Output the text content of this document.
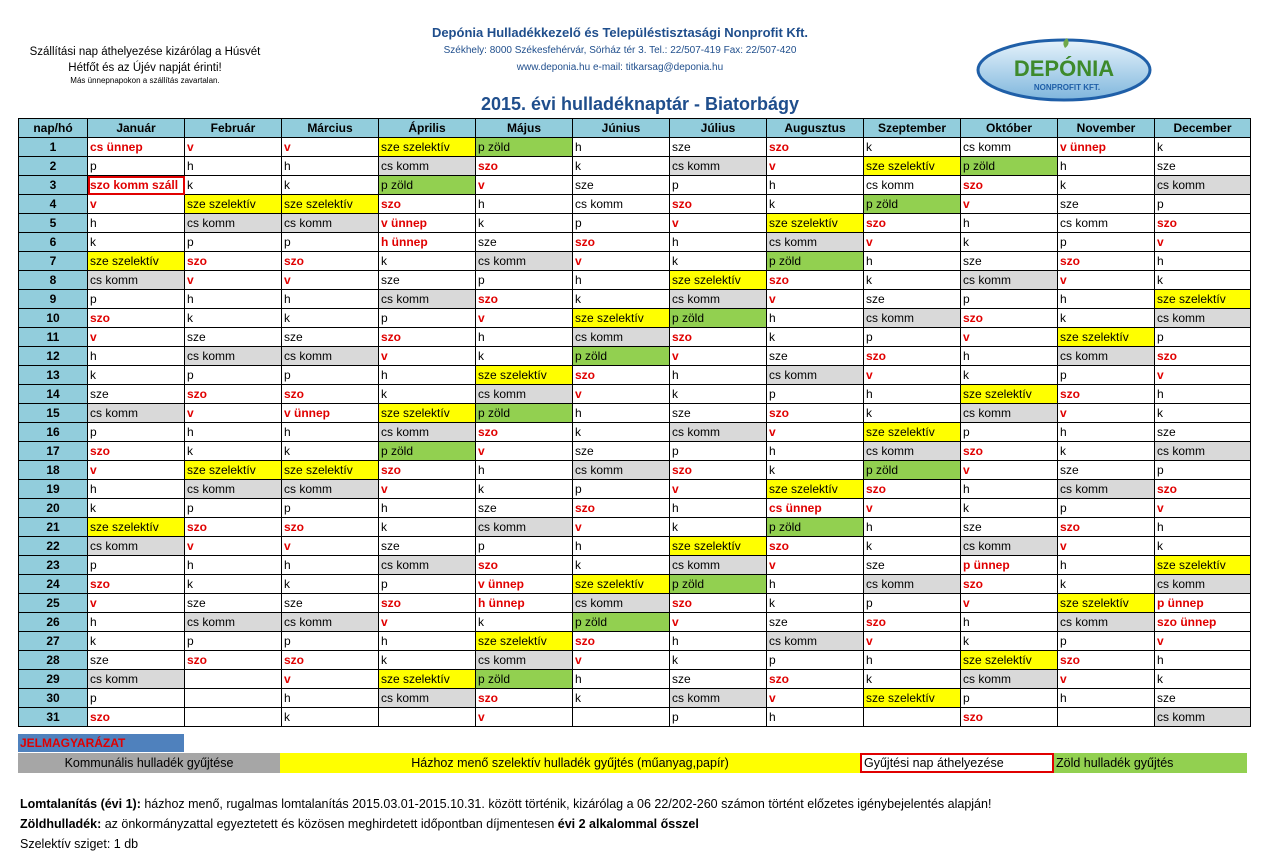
Szállítási nap áthelyezése kizárólag a Húsvét
Hétfőt és az Újév napját érinti!
Más ünnepnapokon a szállítás zavartalan.
Depónia Hulladékkezelő és Településtisztasági Nonprofit Kft.
Székhely: 8000 Székesfehérvár, Sörház tér 3. Tel.: 22/507-419 Fax: 22/507-420
www.deponia.hu e-mail: titkarsag@deponia.hu	DEPÓNIA
NONPROFIT KFT.
2015. évi hulladéknaptár - Biatorbágy
nap/hó	Január	Február	Március	Április	Május	Június	Július	Augusztus	Szeptember	Október	November	December
1	cs ünnep	v	v	sze szelektív	p zöld	h	sze	szo	k	cs komm	v ünnep	k
2	p	h	h	cs komm	szo	k	cs komm	v	sze szelektív	p zöld	h	sze
3	szo komm száll	k	k	p zöld	v	sze	p	h	cs komm	szo	k	cs komm
4	v	sze szelektív	sze szelektív	szo	h	cs komm	szo	k	p zöld	v	sze	p
5	h	cs komm	cs komm	v ünnep	k	p	v	sze szelektív	szo	h	cs komm	szo
6	k	p	p	h ünnep	sze	szo	h	cs komm	v	k	p	v
7	sze szelektív	szo	szo	k	cs komm	v	k	p zöld	h	sze	szo	h
8	cs komm	v	v	sze	p	h	sze szelektív	szo	k	cs komm	v	k
9	p	h	h	cs komm	szo	k	cs komm	v	sze	p	h	sze szelektív
10	szo	k	k	p	v	sze szelektív	p zöld	h	cs komm	szo	k	cs komm
11	v	sze	sze	szo	h	cs komm	szo	k	p	v	sze szelektív	p
12	h	cs komm	cs komm	v	k	p zöld	v	sze	szo	h	cs komm	szo
13	k	p	p	h	sze szelektív	szo	h	cs komm	v	k	p	v
14	sze	szo	szo	k	cs komm	v	k	p	h	sze szelektív	szo	h
15	cs komm	v	v ünnep	sze szelektív	p zöld	h	sze	szo	k	cs komm	v	k
16	p	h	h	cs komm	szo	k	cs komm	v	sze szelektív	p	h	sze
17	szo	k	k	p zöld	v	sze	p	h	cs komm	szo	k	cs komm
18	v	sze szelektív	sze szelektív	szo	h	cs komm	szo	k	p zöld	v	sze	p
19	h	cs komm	cs komm	v	k	p	v	sze szelektív	szo	h	cs komm	szo
20	k	p	p	h	sze	szo	h	cs ünnep	v	k	p	v
21	sze szelektív	szo	szo	k	cs komm	v	k	p zöld	h	sze	szo	h
22	cs komm	v	v	sze	p	h	sze szelektív	szo	k	cs komm	v	k
23	p	h	h	cs komm	szo	k	cs komm	v	sze	p ünnep	h	sze szelektív
24	szo	k	k	p	v ünnep	sze szelektív	p zöld	h	cs komm	szo	k	cs komm
25	v	sze	sze	szo	h ünnep	cs komm	szo	k	p	v	sze szelektív	p ünnep
26	h	cs komm	cs komm	v	k	p zöld	v	sze	szo	h	cs komm	szo ünnep
27	k	p	p	h	sze szelektív	szo	h	cs komm	v	k	p	v
28	sze	szo	szo	k	cs komm	v	k	p	h	sze szelektív	szo	h
29	cs komm		v	sze szelektív	p zöld	h	sze	szo	k	cs komm	v	k
30	p		h	cs komm	szo	k	cs komm	v	sze szelektív	p	h	sze
31	szo		k		v		p	h		szo		cs komm
JELMAGYARÁZAT
Kommunális hulladék gyűjtése	Házhoz menő szelektív hulladék gyűjtés (műanyag,papír)	Gyűjtési nap áthelyezése	Zöld hulladék gyűjtés
Lomtalanítás (évi 1): házhoz menő, rugalmas lomtalanítás 2015.03.01-2015.10.31. között történik, kizárólag a 06 22/202-260 számon történt előzetes igénybejelentés alapján!
Zöldhulladék: az önkormányzattal egyeztetett és közösen meghirdetett időpontban díjmentesen évi 2 alkalommal ősszel
Szelektív sziget: 1 db
